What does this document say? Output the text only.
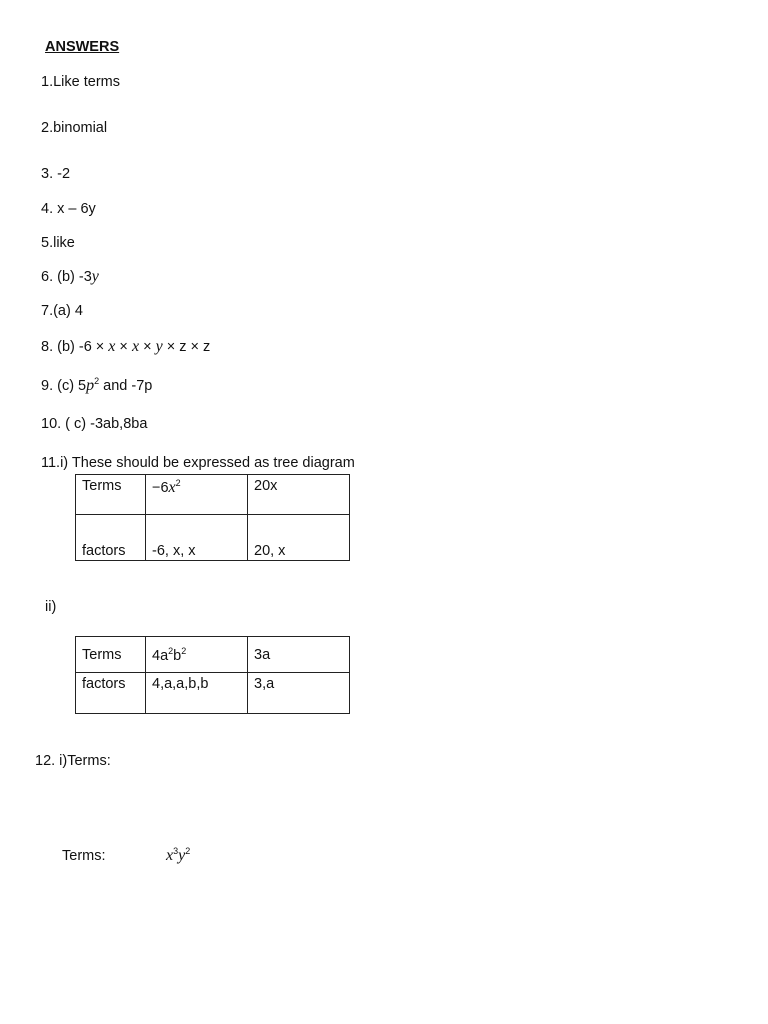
ANSWERS
1.Like terms
2.binomial
3. -2
4. x – 6y
5.like
6. (b) -3y
7.(a) 4
8. (b) -6 × x × x × y × z × z
9. (c) $5p^2$ and -7p
10. ( c) -3ab,8ba
11.i) These should be expressed as tree diagram
Terms	$-6x^2$	20x
factors	-6, x, x	20, x
ii)
Terms	$4a^2b^2$	3a
factors	4,a,a,b,b	3,a
12. i)Terms:
Terms:	$x^3y^2$
